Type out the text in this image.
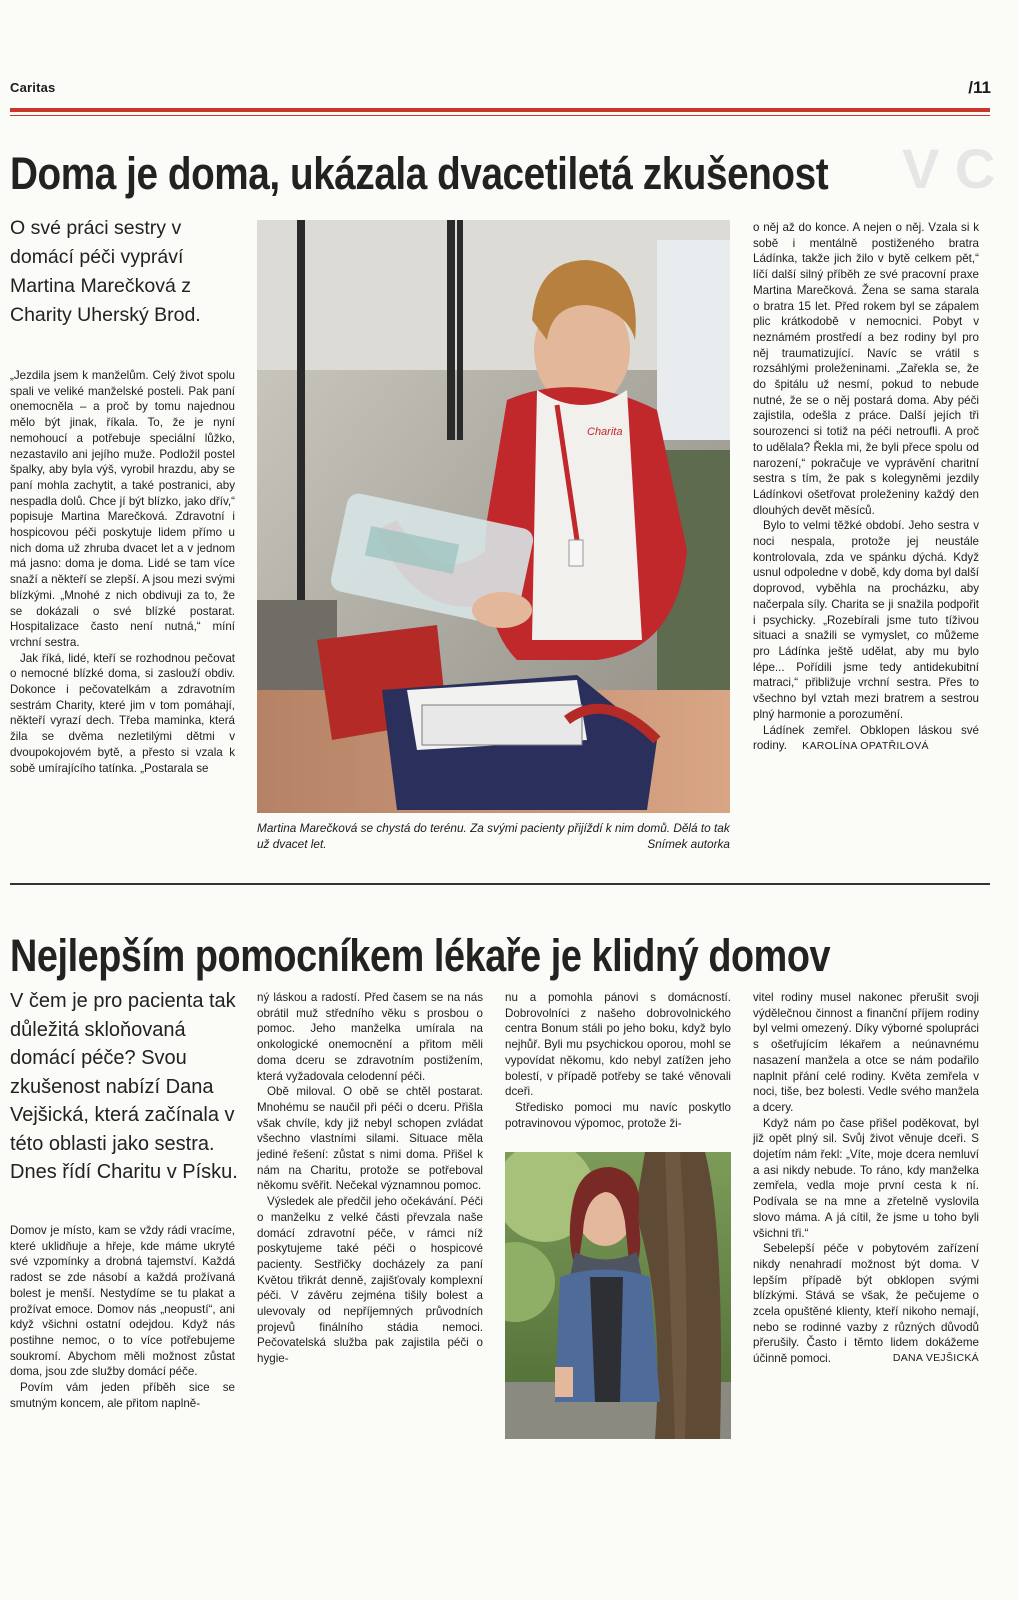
Caritas	/11
V C
Doma je doma, ukázala dvacetiletá zkušenost
O své práci sestry v domácí péči vypráví Martina Marečková z Charity Uherský Brod.

„Jezdila jsem k manželům. Celý život spolu spali ve veliké manželské posteli. Pak paní onemocněla – a proč by tomu najednou mělo být jinak, říkala. To, že je nyní nemohoucí a potřebuje speciální lůžko, nezastavilo ani jejího muže. Podložil postel špalky, aby byla výš, vyrobil hrazdu, aby se paní mohla zachytit, a také postranici, aby nespadla dolů. Chce jí být blízko, jako dřív,“ popisuje Martina Marečková. Zdravotní i hospicovou péči poskytuje lidem přímo u nich doma už zhruba dvacet let a v jednom má jasno: doma je doma. Lidé se tam více snaží a někteří se zlepší. A jsou mezi svými blízkými. „Mnohé z nich obdivuji za to, že se dokázali o své blízké postarat. Hospitalizace často není nutná,“ míní vrchní sestra.

Jak říká, lidé, kteří se rozhodnou pečovat o nemocné blízké doma, si zaslouží obdiv. Dokonce i pečovatelkám a zdravotním sestrám Charity, které jim v tom pomáhají, někteří vyrazí dech. Třeba maminka, která žila se dvěma nezletilými dětmi v dvoupokojovém bytě, a přesto si vzala k sobě umírajícího tatínka. „Postarala se

Charita
Martina Marečková se chystá do terénu. Za svými pacienty přijíždí k nim domů. Dělá to tak už dvacet let.	Snímek autorka

o něj až do konce. A nejen o něj. Vzala si k sobě i mentálně postiženého bratra Ládínka, takže jich žilo v bytě celkem pět,“ líčí další silný příběh ze své pracovní praxe Martina Marečková. Žena se sama starala o bratra 15 let. Před rokem byl se zápalem plic krátkodobě v nemocnici. Pobyt v neznámém prostředí a bez rodiny byl pro něj traumatizující. Navíc se vrátil s rozsáhlými proleženinami. „Zařekla se, že do špitálu už nesmí, pokud to nebude nutné, že se o něj postará doma. Aby péči zajistila, odešla z práce. Další jejích tři sourozenci si totiž na péči netroufli. A proč to udělala? Řekla mi, že byli přece spolu od narození,“ pokračuje ve vyprávění charitní sestra s tím, že pak s kolegyněmi jezdily Ládínkovi ošetřovat proleženiny každý den dlouhých devět měsíců.

Bylo to velmi těžké období. Jeho sestra v noci nespala, protože jej neustále kontrolovala, zda ve spánku dýchá. Když usnul odpoledne v době, kdy doma byl další doprovod, vyběhla na procházku, aby načerpala síly. Charita se ji snažila podpořit i psychicky. „Rozebírali jsme tuto tíživou situaci a snažili se vymyslet, co můžeme pro Ládínka ještě udělat, aby mu bylo lépe... Pořídili jsme tedy antidekubitní matraci,“ přibližuje vrchní sestra. Přes to všechno byl vztah mezi bratrem a sestrou plný harmonie a porozumění.

Ládínek zemřel. Obklopen láskou své rodiny. KAROLÍNA OPATŘILOVÁ

Nejlepším pomocníkem lékaře je klidný domov
V čem je pro pacienta tak důležitá skloňovaná domácí péče? Svou zkušenost nabízí Dana Vejšická, která začínala v této oblasti jako sestra. Dnes řídí Charitu v Písku.

Domov je místo, kam se vždy rádi vracíme, které uklidňuje a hřeje, kde máme ukryté své vzpomínky a drobná tajemství. Každá radost se zde násobí a každá prožívaná bolest je menší. Nestydíme se tu plakat a prožívat emoce. Domov nás „neopustí“, ani když všichni ostatní odejdou. Když nás postihne nemoc, o to více potřebujeme soukromí. Abychom měli možnost zůstat doma, jsou zde služby domácí péče.

Povím vám jeden příběh sice se smutným koncem, ale přitom naplně-

ný láskou a radostí. Před časem se na nás obrátil muž středního věku s prosbou o pomoc. Jeho manželka umírala na onkologické onemocnění a přitom měli doma dceru se zdravotním postižením, která vyžadovala celodenní péči.

Obě miloval. O obě se chtěl postarat. Mnohému se naučil při péči o dceru. Přišla však chvíle, kdy již nebyl schopen zvládat všechno vlastními silami. Situace měla jediné řešení: zůstat s nimi doma. Přišel k nám na Charitu, protože se potřeboval někomu svěřit. Nečekal významnou pomoc.

Výsledek ale předčil jeho očekávání. Péči o manželku z velké části převzala naše domácí zdravotní péče, v rámci níž poskytujeme také péči o hospicové pacienty. Sestřičky docházely za paní Květou třikrát denně, zajišťovaly komplexní péči. V závěru zejména tišily bolest a ulevovaly od nepříjemných průvodních projevů finálního stádia nemoci. Pečovatelská služba pak zajistila péči o hygie-

nu a pomohla pánovi s domácností. Dobrovolníci z našeho dobrovolnického centra Bonum stáli po jeho boku, když bylo nejhůř. Byli mu psychickou oporou, mohl se vypovídat někomu, kdo nebyl zatížen jeho bolestí, v případě potřeby se také věnovali dceři.

Středisko pomoci mu navíc poskytlo potravinovou výpomoc, protože ži-

vitel rodiny musel nakonec přerušit svoji výdělečnou činnost a finanční příjem rodiny byl velmi omezený. Díky výborné spolupráci s ošetřujícím lékařem a neúnavnému nasazení manžela a otce se nám podařilo naplnit přání celé rodiny. Květa zemřela v noci, tiše, bez bolesti. Vedle svého manžela a dcery.

Když nám po čase přišel poděkovat, byl již opět plný sil. Svůj život věnuje dceři. S dojetím nám řekl: „Víte, moje dcera nemluví a asi nikdy nebude. To ráno, kdy manželka zemřela, vedla moje první cesta k ní. Podívala se na mne a zřetelně vyslovila slovo máma. A já cítil, že jsme u toho byli všichni tři.“

Sebelepší péče v pobytovém zařízení nikdy nenahradí možnost být doma. V lepším případě být obklopen svými blízkými. Stává se však, že pečujeme o zcela opuštěné klienty, kteří nikoho nemají, nebo se rodinné vazby z různých důvodů přerušily. Často i těmto lidem dokážeme účinně pomoci.	DANA VEJŠICKÁ
